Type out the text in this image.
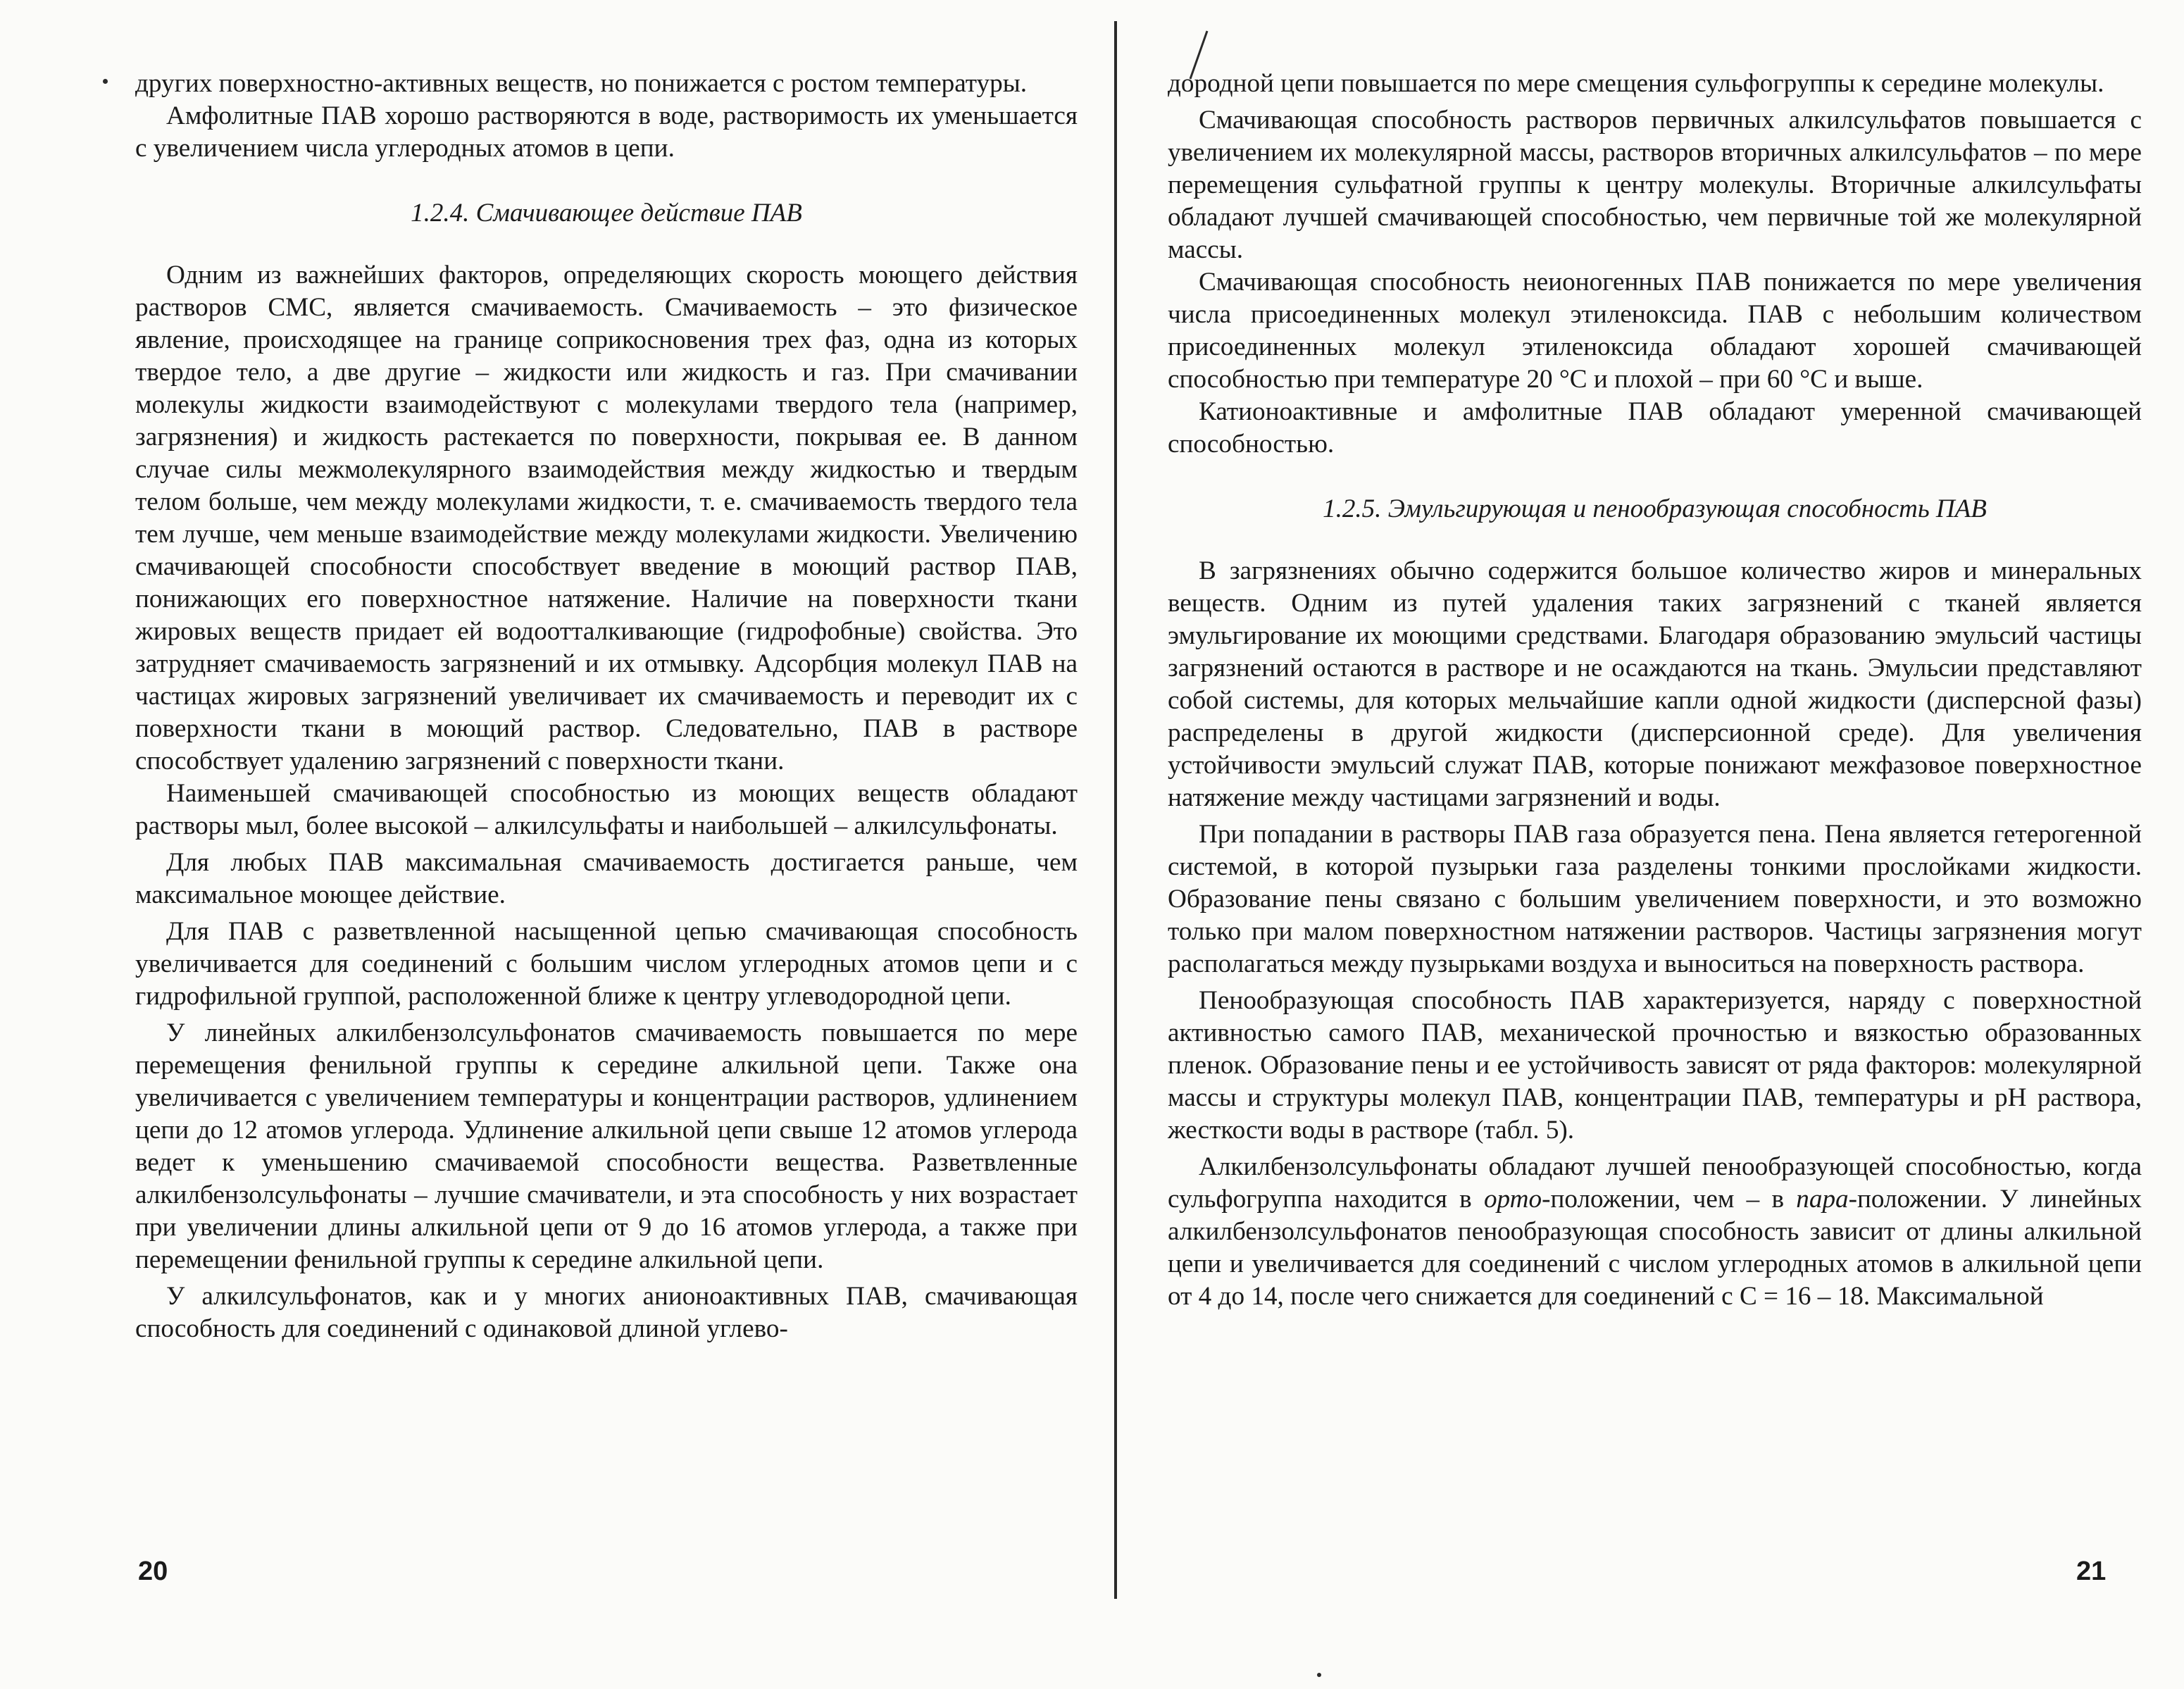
других поверхностно-активных веществ, но понижается с ростом температуры.

Амфолитные ПАВ хорошо растворяются в воде, растворимость их уменьшается с увеличением числа углеродных атомов в цепи.

1.2.4. Смачивающее действие ПАВ

Одним из важнейших факторов, определяющих скорость моющего действия растворов СМС, является смачиваемость. Смачиваемость – это физическое явление, происходящее на границе соприкосновения трех фаз, одна из которых твердое тело, а две другие – жидкости или жидкость и газ. При смачивании молекулы жидкости взаимодействуют с молекулами твердого тела (например, загрязнения) и жидкость растекается по поверхности, покрывая ее. В данном случае силы межмолекулярного взаимодействия между жидкостью и твердым телом больше, чем между молекулами жидкости, т. е. смачиваемость твердого тела тем лучше, чем меньше взаимодействие между молекулами жидкости. Увеличению смачивающей способности способствует введение в моющий раствор ПАВ, понижающих его поверхностное натяжение. Наличие на поверхности ткани жировых веществ придает ей водоотталкивающие (гидрофобные) свойства. Это затрудняет смачиваемость загрязнений и их отмывку. Адсорбция молекул ПАВ на частицах жировых загрязнений увеличивает их смачиваемость и переводит их с поверхности ткани в моющий раствор. Следовательно, ПАВ в растворе способствует удалению загрязнений с поверхности ткани.

Наименьшей смачивающей способностью из моющих веществ обладают растворы мыл, более высокой – алкилсульфаты и наибольшей – алкилсульфонаты.

Для любых ПАВ максимальная смачиваемость достигается раньше, чем максимальное моющее действие.

Для ПАВ с разветвленной насыщенной цепью смачивающая способность увеличивается для соединений с большим числом углеродных атомов цепи и с гидрофильной группой, расположенной ближе к центру углеводородной цепи.

У линейных алкилбензолсульфонатов смачиваемость повышается по мере перемещения фенильной группы к середине алкильной цепи. Также она увеличивается с увеличением температуры и концентрации растворов, удлинением цепи до 12 атомов углерода. Удлинение алкильной цепи свыше 12 атомов углерода ведет к уменьшению смачиваемой способности вещества. Разветвленные алкилбензолсульфонаты – лучшие смачиватели, и эта способность у них возрастает при увеличении длины алкильной цепи от 9 до 16 атомов углерода, а также при перемещении фенильной группы к середине алкильной цепи.

У алкилсульфонатов, как и у многих анионоактивных ПАВ, смачивающая способность для соединений с одинаковой длиной углево-

20

дородной цепи повышается по мере смещения сульфогруппы к середине молекулы.

Смачивающая способность растворов первичных алкилсульфатов повышается с увеличением их молекулярной массы, растворов вторичных алкилсульфатов – по мере перемещения сульфатной группы к центру молекулы. Вторичные алкилсульфаты обладают лучшей смачивающей способностью, чем первичные той же молекулярной массы.

Смачивающая способность неионогенных ПАВ понижается по мере увеличения числа присоединенных молекул этиленоксида. ПАВ с небольшим количеством присоединенных молекул этиленоксида обладают хорошей смачивающей способностью при температуре 20 °С и плохой – при 60 °С и выше.

Катионоактивные и амфолитные ПАВ обладают умеренной смачивающей способностью.

1.2.5. Эмульгирующая и пенообразующая способность ПАВ

В загрязнениях обычно содержится большое количество жиров и минеральных веществ. Одним из путей удаления таких загрязнений с тканей является эмульгирование их моющими средствами. Благодаря образованию эмульсий частицы загрязнений остаются в растворе и не осаждаются на ткань. Эмульсии представляют собой системы, для которых мельчайшие капли одной жидкости (дисперсной фазы) распределены в другой жидкости (дисперсионной среде). Для увеличения устойчивости эмульсий служат ПАВ, которые понижают межфазовое поверхностное натяжение между частицами загрязнений и воды.

При попадании в растворы ПАВ газа образуется пена. Пена является гетерогенной системой, в которой пузырьки газа разделены тонкими прослойками жидкости. Образование пены связано с большим увеличением поверхности, и это возможно только при малом поверхностном натяжении растворов. Частицы загрязнения могут располагаться между пузырьками воздуха и выноситься на поверхность раствора.

Пенообразующая способность ПАВ характеризуется, наряду с поверхностной активностью самого ПАВ, механической прочностью и вязкостью образованных пленок. Образование пены и ее устойчивость зависят от ряда факторов: молекулярной массы и структуры молекул ПАВ, концентрации ПАВ, температуры и pH раствора, жесткости воды в растворе (табл. 5).

Алкилбензолсульфонаты обладают лучшей пенообразующей способностью, когда сульфогруппа находится в орто-положении, чем – в пара-положении. У линейных алкилбензолсульфонатов пенообразующая способность зависит от длины алкильной цепи и увеличивается для соединений с числом углеродных атомов в алкильной цепи от 4 до 14, после чего снижается для соединений с C = 16 – 18. Максимальной

21
